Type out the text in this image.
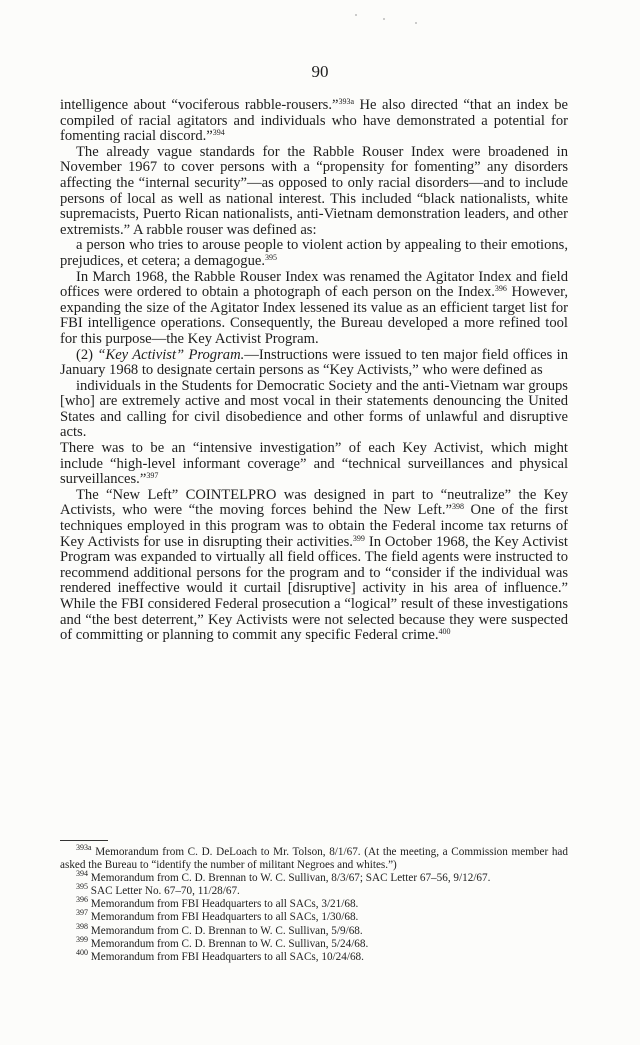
90

intelligence about “vociferous rabble-rousers.”$^{393a}$ He also directed “that an index be compiled of racial agitators and individuals who have demonstrated a potential for fomenting racial discord.”$^{394}$

The already vague standards for the Rabble Rouser Index were broadened in November 1967 to cover persons with a “propensity for fomenting” any disorders affecting the “internal security”—as opposed to only racial disorders—and to include persons of local as well as national interest. This included “black nationalists, white supremacists, Puerto Rican nationalists, anti-Vietnam demonstration leaders, and other extremists.” A rabble rouser was defined as:

a person who tries to arouse people to violent action by appealing to their emotions, prejudices, et cetera; a demagogue.$^{395}$

In March 1968, the Rabble Rouser Index was renamed the Agitator Index and field offices were ordered to obtain a photograph of each person on the Index.$^{396}$ However, expanding the size of the Agitator Index lessened its value as an efficient target list for FBI intelligence operations. Consequently, the Bureau developed a more refined tool for this purpose—the Key Activist Program.

(2) “Key Activist” Program.—Instructions were issued to ten major field offices in January 1968 to designate certain persons as “Key Activists,” who were defined as

individuals in the Students for Democratic Society and the anti-Vietnam war groups [who] are extremely active and most vocal in their statements denouncing the United States and calling for civil disobedience and other forms of unlawful and disruptive acts.

There was to be an “intensive investigation” of each Key Activist, which might include “high-level informant coverage” and “technical surveillances and physical surveillances.”$^{397}$

The “New Left” COINTELPRO was designed in part to “neutralize” the Key Activists, who were “the moving forces behind the New Left.”$^{398}$ One of the first techniques employed in this program was to obtain the Federal income tax returns of Key Activists for use in disrupting their activities.$^{399}$ In October 1968, the Key Activist Program was expanded to virtually all field offices. The field agents were instructed to recommend additional persons for the program and to “consider if the individual was rendered ineffective would it curtail [disruptive] activity in his area of influence.” While the FBI considered Federal prosecution a “logical” result of these investigations and “the best deterrent,” Key Activists were not selected because they were suspected of committing or planning to commit any specific Federal crime.$^{400}$

$^{393a}$ Memorandum from C. D. DeLoach to Mr. Tolson, 8/1/67. (At the meeting, a Commission member had asked the Bureau to “identify the number of militant Negroes and whites.”)
$^{394}$ Memorandum from C. D. Brennan to W. C. Sullivan, 8/3/67; SAC Letter 67–56, 9/12/67.
$^{395}$ SAC Letter No. 67–70, 11/28/67.
$^{396}$ Memorandum from FBI Headquarters to all SACs, 3/21/68.
$^{397}$ Memorandum from FBI Headquarters to all SACs, 1/30/68.
$^{398}$ Memorandum from C. D. Brennan to W. C. Sullivan, 5/9/68.
$^{399}$ Memorandum from C. D. Brennan to W. C. Sullivan, 5/24/68.
$^{400}$ Memorandum from FBI Headquarters to all SACs, 10/24/68.
